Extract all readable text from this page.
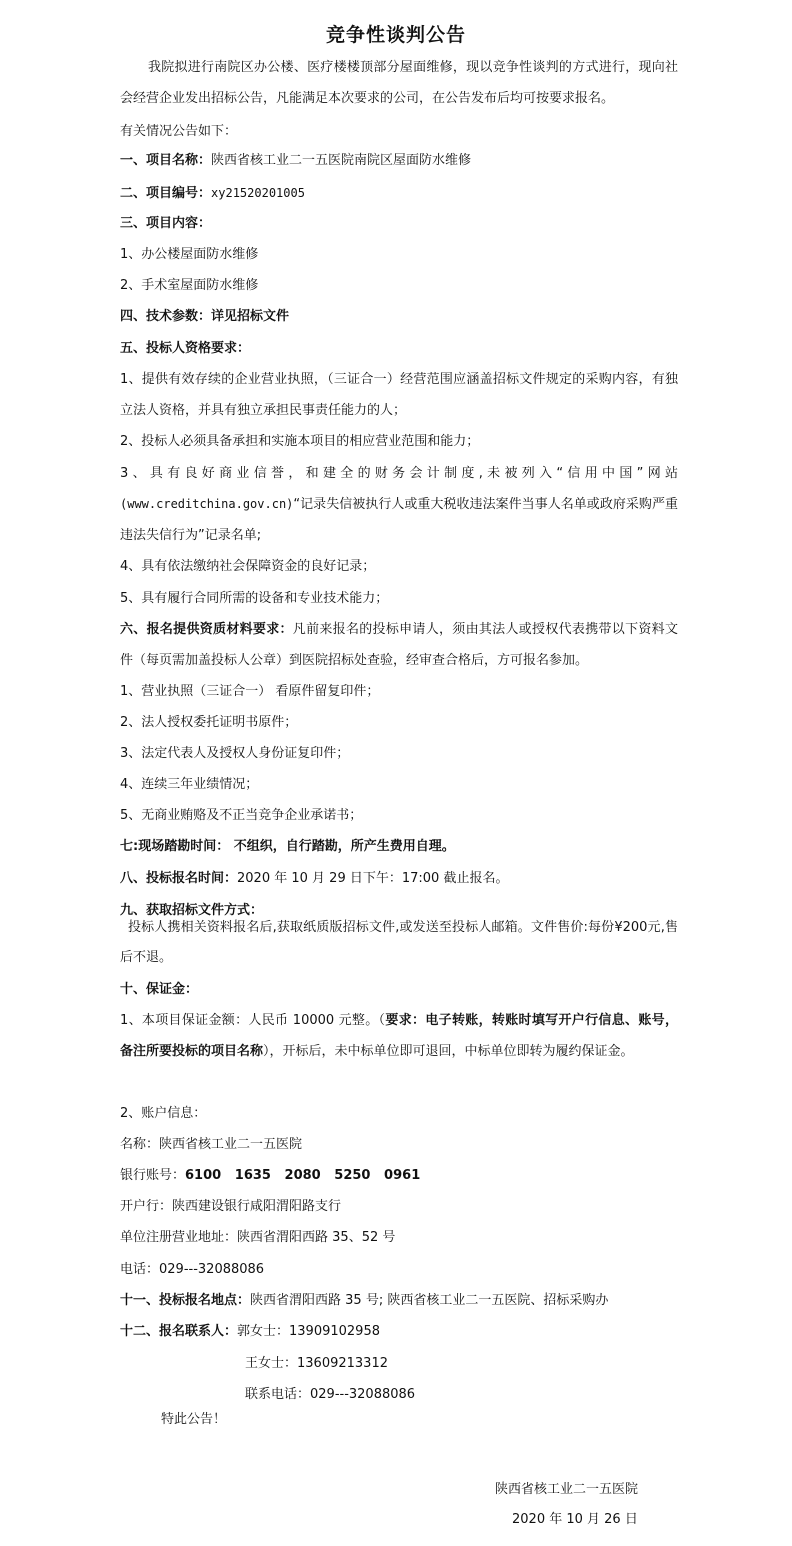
竞争性谈判公告
我院拟进行南院区办公楼、医疗楼楼顶部分屋面维修，现以竞争性谈判的方式进行，现向社会经营企业发出招标公告，凡能满足本次要求的公司，在公告发布后均可按要求报名。
有关情况公告如下：
一、项目名称：陕西省核工业二一五医院南院区屋面防水维修
二、项目编号：xy21520201005
三、项目内容：
1、办公楼屋面防水维修
2、手术室屋面防水维修
四、技术参数：详见招标文件
五、投标人资格要求：
1、提供有效存续的企业营业执照，（三证合一）经营范围应涵盖招标文件规定的采购内容，有独立法人资格，并具有独立承担民事责任能力的人；
2、投标人必须具备承担和实施本项目的相应营业范围和能力；
3、具有良好商业信誉，和建全的财务会计制度,未被列入“信用中国”网站(www.creditchina.gov.cn)“记录失信被执行人或重大税收违法案件当事人名单或政府采购严重违法失信行为”记录名单;
4、具有依法缴纳社会保障资金的良好记录；
5、具有履行合同所需的设备和专业技术能力；
六、报名提供资质材料要求：凡前来报名的投标申请人，须由其法人或授权代表携带以下资料文件（每页需加盖投标人公章）到医院招标处查验，经审查合格后，方可报名参加。
1、营业执照（三证合一） 看原件留复印件；
2、法人授权委托证明书原件；
3、法定代表人及授权人身份证复印件；
4、连续三年业绩情况；
5、无商业贿赂及不正当竞争企业承诺书；
七:现场踏勘时间： 不组织，自行踏勘，所产生费用自理。
八、投标报名时间：2020 年 10 月 29 日下午：17:00 截止报名。
九、获取招标文件方式：
投标人携相关资料报名后,获取纸质版招标文件,或发送至投标人邮箱。文件售价:每份¥200元,售后不退。
十、保证金：
1、本项目保证金额：人民币 10000 元整。（要求：电子转账，转账时填写开户行信息、账号，备注所要投标的项目名称），开标后，未中标单位即可退回，中标单位即转为履约保证金。
2、账户信息：
名称：陕西省核工业二一五医院
银行账号：6100   1635   2080   5250   0961
开户行：陕西建设银行咸阳渭阳路支行
单位注册营业地址：陕西省渭阳西路 35、52 号
电话：029---32088086
十一、投标报名地点：陕西省渭阳西路 35 号; 陕西省核工业二一五医院、招标采购办
十二、报名联系人：郭女士：13909102958
王女士：13609213312
联系电话：029---32088086
特此公告！
陕西省核工业二一五医院
2020 年 10 月 26 日
